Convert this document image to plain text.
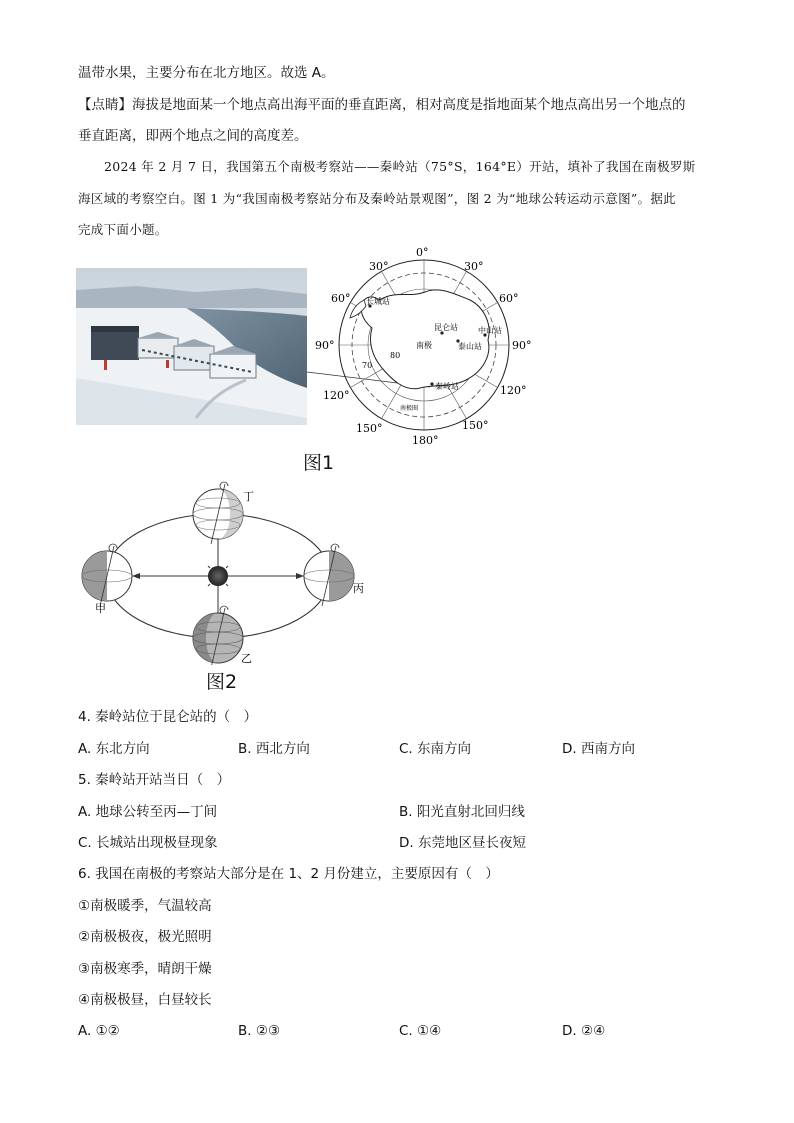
温带水果，主要分布在北方地区。故选 A。
【点睛】海拔是地面某一个地点高出海平面的垂直距离，相对高度是指地面某个地点高出另一个地点的
垂直距离，即两个地点之间的高度差。
2024 年 2 月 7 日，我国第五个南极考察站——秦岭站（75°S，164°E）开站，填补了我国在南极罗斯
海区域的考察空白。图 1 为“我国南极考察站分布及秦岭站景观图”，图 2 为“地球公转运动示意图”。据此
完成下面小题。
长城站
昆仑站	中山站
泰山站
秦岭站
南极
南极圈
80
70
0°
30°	30°
60°	60°
90°	90°
120°	120°
150°	150°
180°
图1
丁
甲
丙
乙
图2
4. 秦岭站位于昆仑站的（　）
A. 东北方向	B. 西北方向	C. 东南方向	D. 西南方向
5. 秦岭站开站当日（　）
A. 地球公转至丙—丁间	B. 阳光直射北回归线
C. 长城站出现极昼现象	D. 东莞地区昼长夜短
6. 我国在南极的考察站大部分是在 1、2 月份建立，主要原因有（　）
①南极暖季，气温较高
②南极极夜，极光照明
③南极寒季，晴朗干燥
④南极极昼，白昼较长
A. ①②	B. ②③	C. ①④	D. ②④
